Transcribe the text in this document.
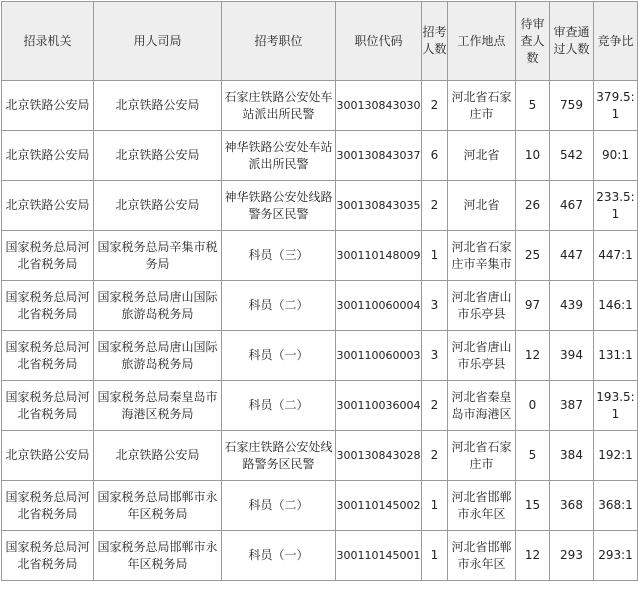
招录机关	用人司局	招考职位	职位代码	招考人数	工作地点	待审查人数	审查通过人数	竞争比
北京铁路公安局	北京铁路公安局	石家庄铁路公安处车站派出所民警	300130843030	2	河北省石家庄市	5	759	379.5:1
北京铁路公安局	北京铁路公安局	神华铁路公安处车站派出所民警	300130843037	6	河北省	10	542	90:1
北京铁路公安局	北京铁路公安局	神华铁路公安处线路警务区民警	300130843035	2	河北省	26	467	233.5:1
国家税务总局河北省税务局	国家税务总局辛集市税务局	科员（三）	300110148009	1	河北省石家庄市辛集市	25	447	447:1
国家税务总局河北省税务局	国家税务总局唐山国际旅游岛税务局	科员（二）	300110060004	3	河北省唐山市乐亭县	97	439	146:1
国家税务总局河北省税务局	国家税务总局唐山国际旅游岛税务局	科员（一）	300110060003	3	河北省唐山市乐亭县	12	394	131:1
国家税务总局河北省税务局	国家税务总局秦皇岛市海港区税务局	科员（二）	300110036004	2	河北省秦皇岛市海港区	0	387	193.5:1
北京铁路公安局	北京铁路公安局	石家庄铁路公安处线路警务区民警	300130843028	2	河北省石家庄市	5	384	192:1
国家税务总局河北省税务局	国家税务总局邯郸市永年区税务局	科员（二）	300110145002	1	河北省邯郸市永年区	15	368	368:1
国家税务总局河北省税务局	国家税务总局邯郸市永年区税务局	科员（一）	300110145001	1	河北省邯郸市永年区	12	293	293:1
